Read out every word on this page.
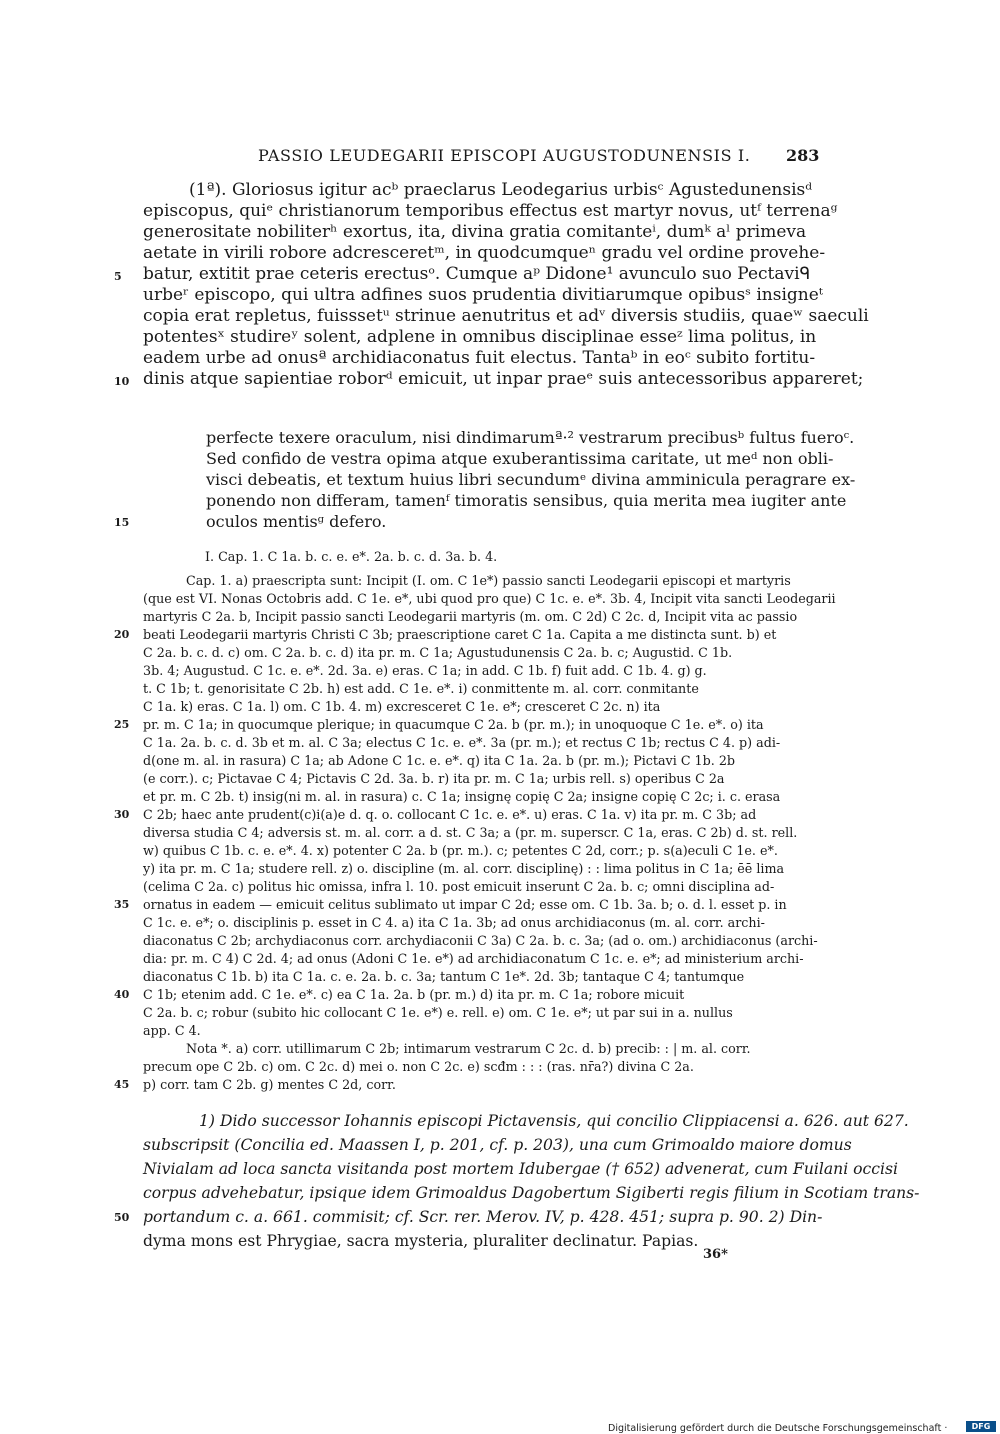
PASSIO LEUDEGARII EPISCOPI AUGUSTODUNENSIS I. 283
(1ª). Gloriosus igitur acᵇ praeclarus Leodegarius urbisᶜ Agustedunensisᵈ
episcopus, quiᵉ christianorum temporibus effectus est martyr novus, utᶠ terrenaᵍ
generositate nobiliterʰ exortus, ita, divina gratia comitanteⁱ, dumᵏ aˡ primeva
aetate in virili robore adcresceretᵐ, in quodcumqueⁿ gradu vel ordine provehe-
batur, extitit prae ceteris erectusᵒ. Cumque aᵖ Didone¹ avunculo suo Pectaviᑫ
urbeʳ episcopo, qui ultra adfines suos prudentia divitiarumque opibusˢ insigneᵗ
copia erat repletus, fuisssetᵘ strinue aenutritus et adᵛ diversis studiis, quaeʷ saeculi
potentesˣ studireʸ solent, adplene in omnibus disciplinae esseᶻ lima politus, in
eadem urbe ad onusª archidiaconatus fuit electus. Tantaᵇ in eoᶜ subito fortitu-
dinis atque sapientiae roborᵈ emicuit, ut inpar praeᵉ suis antecessoribus appareret;
5
10
perfecte texere oraculum, nisi dindimarumª·² vestrarum precibusᵇ fultus fueroᶜ.
Sed confido de vestra opima atque exuberantissima caritate, ut meᵈ non obli-
visci debeatis, et textum huius libri secundumᵉ divina amminicula peragrare ex-
ponendo non differam, tamenᶠ timoratis sensibus, quia merita mea iugiter ante
oculos mentisᵍ defero.
15
I. Cap. 1. C 1a. b. c. e. e*. 2a. b. c. d. 3a. b. 4.
Cap. 1. a) praescripta sunt: Incipit (I. om. C 1e*) passio sancti Leodegarii episcopi et martyris
(que est VI. Nonas Octobris add. C 1e. e*, ubi quod pro que) C 1c. e. e*. 3b. 4, Incipit vita sancti Leodegarii
martyris C 2a. b, Incipit passio sancti Leodegarii martyris (m. om. C 2d) C 2c. d, Incipit vita ac passio
beati Leodegarii martyris Christi C 3b; praescriptione caret C 1a. Capita a me distincta sunt. b) et
C 2a. b. c. d. c) om. C 2a. b. c. d) ita pr. m. C 1a; Agustudunensis C 2a. b. c; Augustid. C 1b.
3b. 4; Augustud. C 1c. e. e*. 2d. 3a. e) eras. C 1a; in add. C 1b. f) fuit add. C 1b. 4. g) g.
t. C 1b; t. genorisitate C 2b. h) est add. C 1e. e*. i) conmittente m. al. corr. conmitante
C 1a. k) eras. C 1a. l) om. C 1b. 4. m) excresceret C 1e. e*; cresceret C 2c. n) ita
pr. m. C 1a; in quocumque plerique; in quacumque C 2a. b (pr. m.); in unoquoque C 1e. e*. o) ita
C 1a. 2a. b. c. d. 3b et m. al. C 3a; electus C 1c. e. e*. 3a (pr. m.); et rectus C 1b; rectus C 4. p) adi-
d(one m. al. in rasura) C 1a; ab Adone C 1c. e. e*. q) ita C 1a. 2a. b (pr. m.); Pictavi C 1b. 2b
(e corr.). c; Pictavae C 4; Pictavis C 2d. 3a. b. r) ita pr. m. C 1a; urbis rell. s) operibus C 2a
et pr. m. C 2b. t) insig(ni m. al. in rasura) c. C 1a; insignę copię C 2a; insigne copię C 2c; i. c. erasa
C 2b; haec ante prudent(c)i(a)e d. q. o. collocant C 1c. e. e*. u) eras. C 1a. v) ita pr. m. C 3b; ad
diversa studia C 4; adversis st. m. al. corr. a d. st. C 3a; a (pr. m. superscr. C 1a, eras. C 2b) d. st. rell.
w) quibus C 1b. c. e. e*. 4. x) potenter C 2a. b (pr. m.). c; petentes C 2d, corr.; p. s(a)eculi C 1e. e*.
y) ita pr. m. C 1a; studere rell. z) o. discipline (m. al. corr. disciplinę) : : lima politus in C 1a; ēē lima
(celima C 2a. c) politus hic omissa, infra l. 10. post emicuit inserunt C 2a. b. c; omni disciplina ad-
ornatus in eadem — emicuit celitus sublimato ut impar C 2d; esse om. C 1b. 3a. b; o. d. l. esset p. in
C 1c. e. e*; o. disciplinis p. esset in C 4. a) ita C 1a. 3b; ad onus archidiaconus (m. al. corr. archi-
diaconatus C 2b; archydiaconus corr. archydiaconii C 3a) C 2a. b. c. 3a; (ad o. om.) archidiaconus (archi-
dia: pr. m. C 4) C 2d. 4; ad onus (Adoni C 1e. e*) ad archidiaconatum C 1c. e. e*; ad ministerium archi-
diaconatus C 1b. b) ita C 1a. c. e. 2a. b. c. 3a; tantum C 1e*. 2d. 3b; tantaque C 4; tantumque
C 1b; etenim add. C 1e. e*. c) ea C 1a. 2a. b (pr. m.) d) ita pr. m. C 1a; robore micuit
C 2a. b. c; robur (subito hic collocant C 1e. e*) e. rell. e) om. C 1e. e*; ut par sui in a. nullus
app. C 4.
Nota *. a) corr. utillimarum C 2b; intimarum vestrarum C 2c. d. b) precib: : | m. al. corr.
precum ope C 2b. c) om. C 2c. d) mei o. non C 2c. e) scđm : : : (ras. nr̄a?) divina C 2a.
p) corr. tam C 2b. g) mentes C 2d, corr.
20
25
30
35
40
45
1) Dido successor Iohannis episcopi Pictavensis, qui concilio Clippiacensi a. 626. aut 627.
subscripsit (Concilia ed. Maassen I, p. 201, cf. p. 203), una cum Grimoaldo maiore domus
Nivialam ad loca sancta visitanda post mortem Idubergae († 652) advenerat, cum Fuilani occisi
corpus advehebatur, ipsique idem Grimoaldus Dagobertum Sigiberti regis filium in Scotiam trans-
portandum c. a. 661. commisit; cf. Scr. rer. Merov. IV, p. 428. 451; supra p. 90. 2) Din-
dyma mons est Phrygiae, sacra mysteria, pluraliter declinatur. Papias.
50
36*
Digitalisierung gefördert durch die Deutsche Forschungsgemeinschaft ·	DFG
